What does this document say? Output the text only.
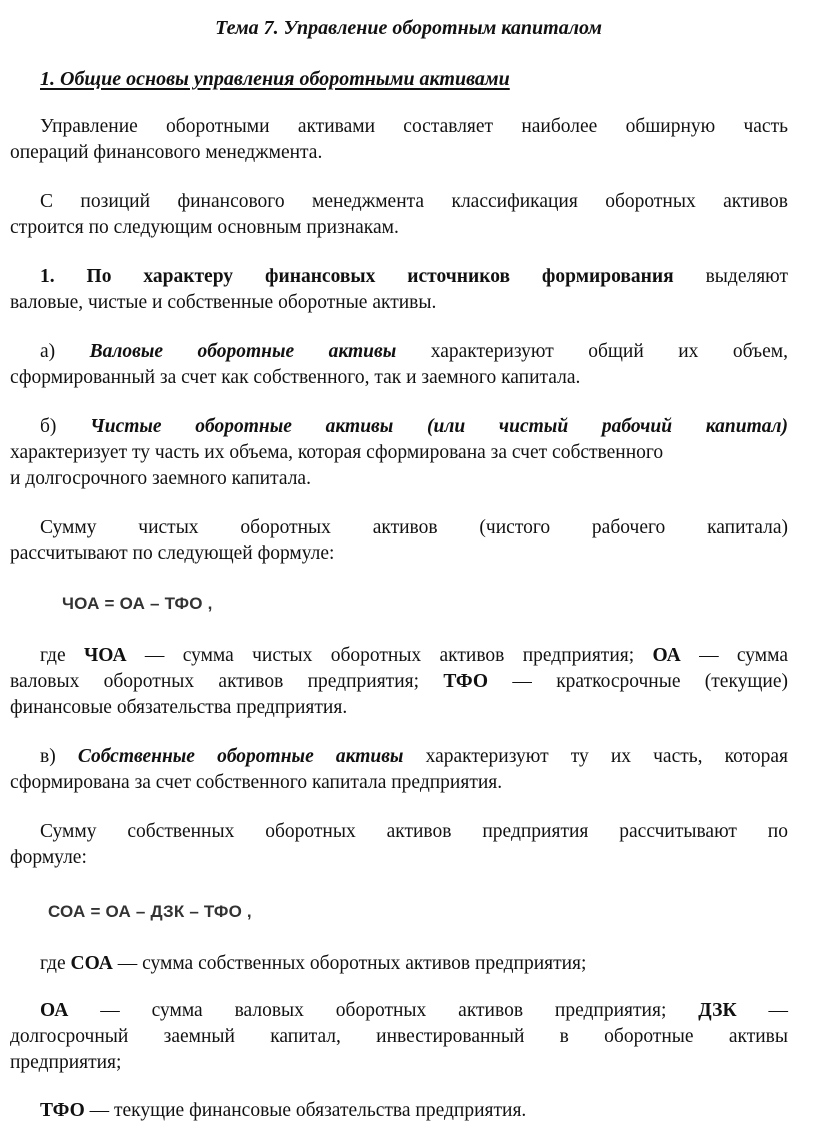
Тема 7. Управление оборотным капиталом
1. Общие основы управления оборотными активами
Управление оборотными активами составляет наиболее обширную часть
операций финансового менеджмента.
С позиций финансового менеджмента классификация оборотных активов
строится по следующим основным признакам.
1. По характеру финансовых источников формирования выделяют
валовые, чистые и собственные оборотные активы.
а) Валовые оборотные активы характеризуют общий их объем,
сформированный за счет как собственного, так и заемного капитала.
б) Чистые оборотные активы (или чистый рабочий капитал)
характеризует ту часть их объема, которая сформирована за счет собственного
и долгосрочного заемного капитала.
Сумму чистых оборотных активов (чистого рабочего капитала)
рассчитывают по следующей формуле:
ЧОА = ОА – ТФО ,
где ЧОА — сумма чистых оборотных активов предприятия; ОА — сумма
валовых оборотных активов предприятия; ТФО — краткосрочные (текущие)
финансовые обязательства предприятия.
в) Собственные оборотные активы характеризуют ту их часть, которая
сформирована за счет собственного капитала предприятия.
Сумму собственных оборотных активов предприятия рассчитывают по
формуле:
СОА = ОА – ДЗК – ТФО ,
где СОА — сумма собственных оборотных активов предприятия;
ОА — сумма валовых оборотных активов предприятия; ДЗК —
долгосрочный заемный капитал, инвестированный в оборотные активы
предприятия;
ТФО — текущие финансовые обязательства предприятия.
